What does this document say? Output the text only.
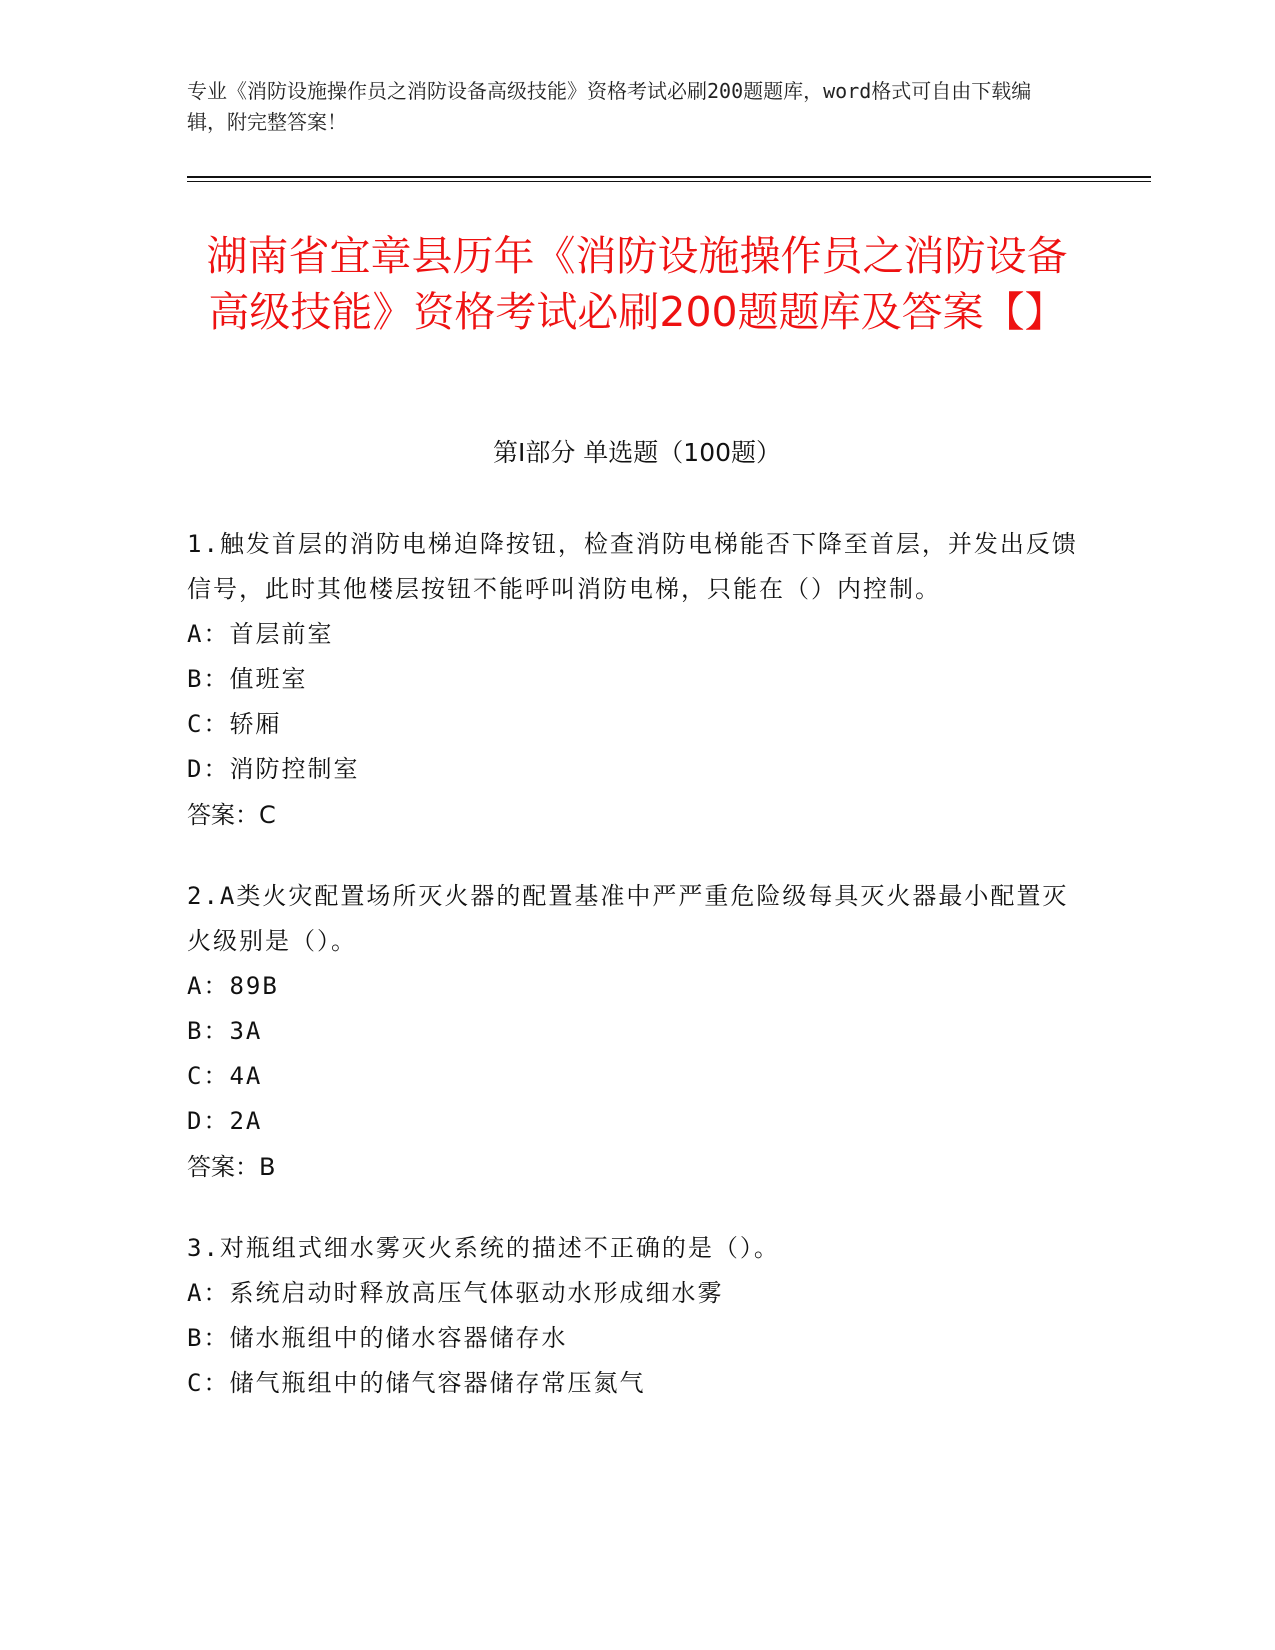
专业《消防设施操作员之消防设备高级技能》资格考试必刷200题题库，word格式可自由下载编辑，附完整答案！
湖南省宜章县历年《消防设施操作员之消防设备高级技能》资格考试必刷200题题库及答案【】
第Ⅰ部分 单选题（100题）
1.触发首层的消防电梯迫降按钮，检查消防电梯能否下降至首层，并发出反馈信号，此时其他楼层按钮不能呼叫消防电梯，只能在（）内控制。
A：首层前室
B：值班室
C：轿厢
D：消防控制室
答案：C
2.A类火灾配置场所灭火器的配置基准中严严重危险级每具灭火器最小配置灭火级别是（）。
A：89B
B：3A
C：4A
D：2A
答案：B
3.对瓶组式细水雾灭火系统的描述不正确的是（）。
A：系统启动时释放高压气体驱动水形成细水雾
B：储水瓶组中的储水容器储存水
C：储气瓶组中的储气容器储存常压氮气
